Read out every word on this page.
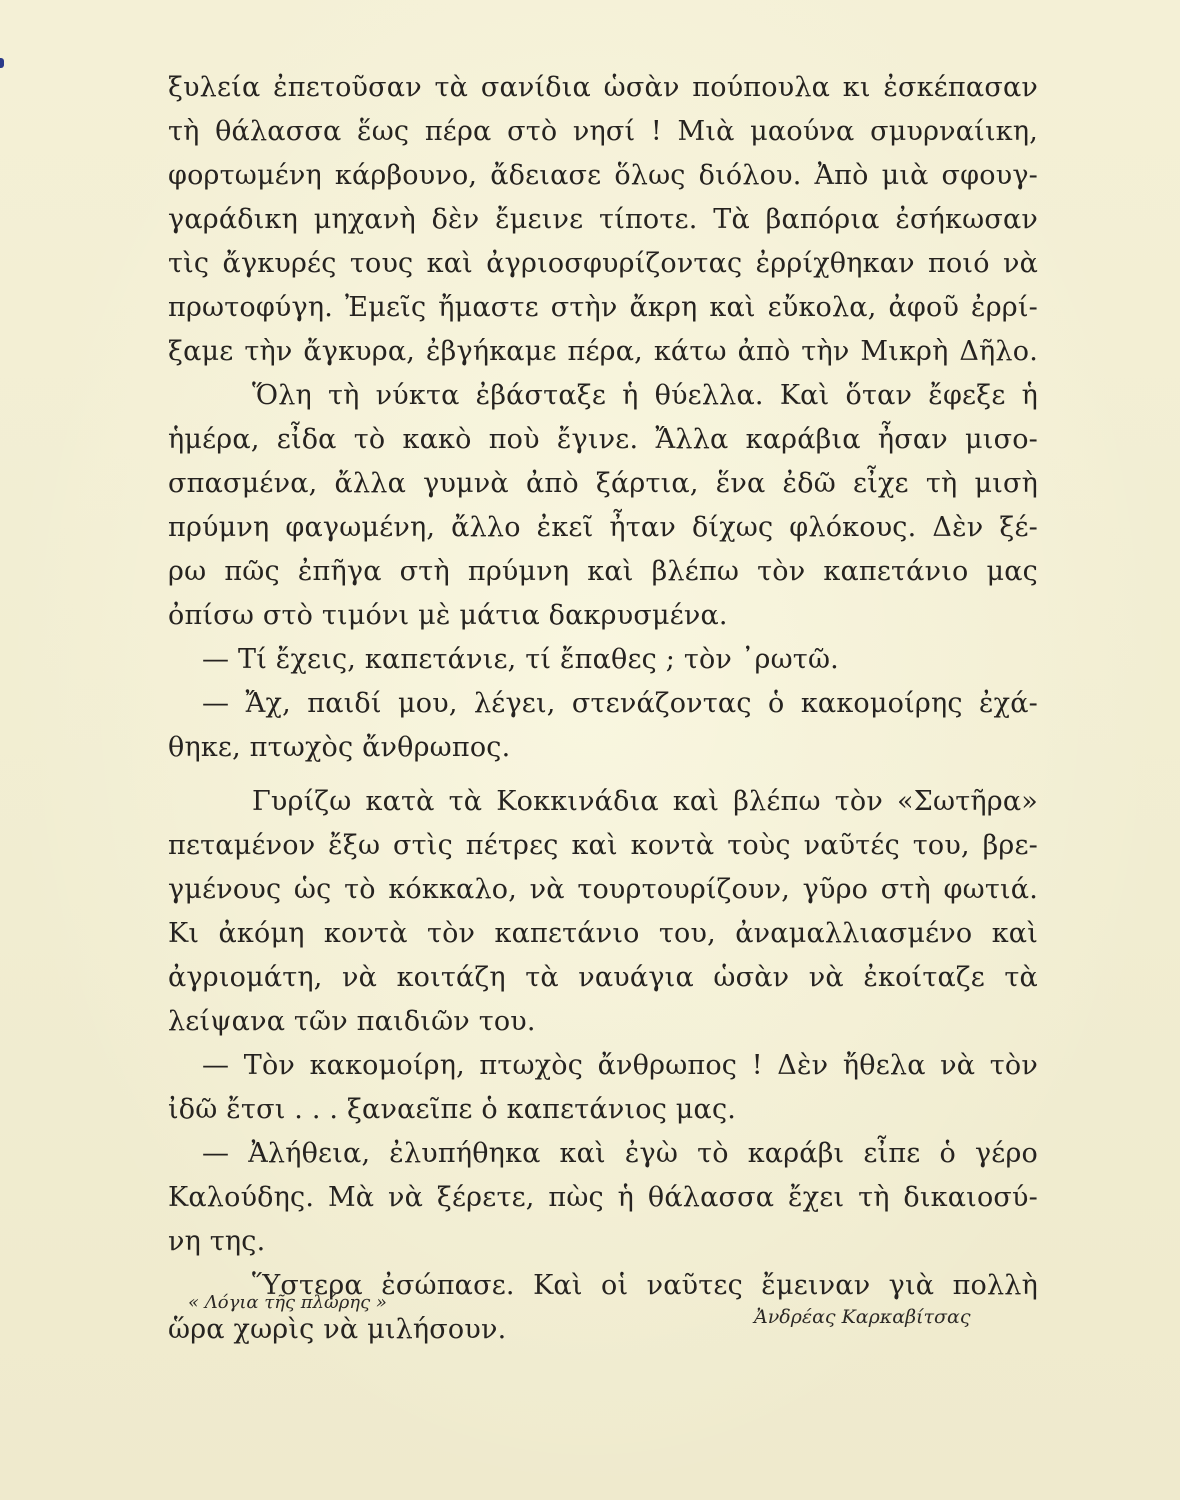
ξυλεία ἐπετοῦσαν τὰ σανίδια ὡσὰν πούπουλα κι ἐσκέπασαν
τὴ θάλασσα ἕως πέρα στὸ νησί ! Μιὰ μαούνα σμυρναίικη,
φορτωμένη κάρβουνο, ἄδειασε ὅλως διόλου. Ἀπὸ μιὰ σφουγ-
γαράδικη μηχανὴ δὲν ἔμεινε τίποτε. Τὰ βαπόρια ἐσήκωσαν
τὶς ἄγκυρές τους καὶ ἀγριοσφυρίζοντας ἐρρίχθηκαν ποιό νὰ
πρωτοφύγη. Ἐμεῖς ἤμαστε στὴν ἄκρη καὶ εὔκολα, ἀφοῦ ἐρρί-
ξαμε τὴν ἄγκυρα, ἐβγήκαμε πέρα, κάτω ἀπὸ τὴν Μικρὴ Δῆλο.
Ὅλη τὴ νύκτα ἐβάσταξε ἡ θύελλα. Καὶ ὅταν ἔφεξε ἡ
ἡμέρα, εἶδα τὸ κακὸ ποὺ ἔγινε. Ἄλλα καράβια ἦσαν μισο-
σπασμένα, ἄλλα γυμνὰ ἀπὸ ξάρτια, ἕνα ἐδῶ εἶχε τὴ μισὴ
πρύμνη φαγωμένη, ἄλλο ἐκεῖ ἦταν δίχως φλόκους. Δὲν ξέ-
ρω πῶς ἐπῆγα στὴ πρύμνη καὶ βλέπω τὸν καπετάνιο μας
ὀπίσω στὸ τιμόνι μὲ μάτια δακρυσμένα.
— Τί ἔχεις, καπετάνιε, τί ἔπαθες ; τὸν ᾿ρωτῶ.
— Ἄχ, παιδί μου, λέγει, στενάζοντας ὁ κακομοίρης ἐχά-
θηκε, πτωχὸς ἄνθρωπος.
Γυρίζω κατὰ τὰ Κοκκινάδια καὶ βλέπω τὸν «Σωτῆρα»
πεταμένον ἔξω στὶς πέτρες καὶ κοντὰ τοὺς ναῦτές του, βρε-
γμένους ὡς τὸ κόκκαλο, νὰ τουρτουρίζουν, γῦρο στὴ φωτιά.
Κι ἀκόμη κοντὰ τὸν καπετάνιο του, ἀναμαλλιασμένο καὶ
ἀγριομάτη, νὰ κοιτάζη τὰ ναυάγια ὡσὰν νὰ ἐκοίταζε τὰ
λείψανα τῶν παιδιῶν του.
— Τὸν κακομοίρη, πτωχὸς ἄνθρωπος ! Δὲν ἤθελα νὰ τὸν
ἰδῶ ἔτσι . . . ξαναεῖπε ὁ καπετάνιος μας.
— Ἀλήθεια, ἐλυπήθηκα καὶ ἐγὼ τὸ καράβι εἶπε ὁ γέρο
Καλούδης. Μὰ νὰ ξέρετε, πὼς ἡ θάλασσα ἔχει τὴ δικαιοσύ-
νη της.
Ὕστερα ἐσώπασε. Καὶ οἱ ναῦτες ἔμειναν γιὰ πολλὴ
ὥρα χωρὶς νὰ μιλήσουν.
« Λόγια τῆς πλώρης »
Ἀνδρέας Καρκαβίτσας
